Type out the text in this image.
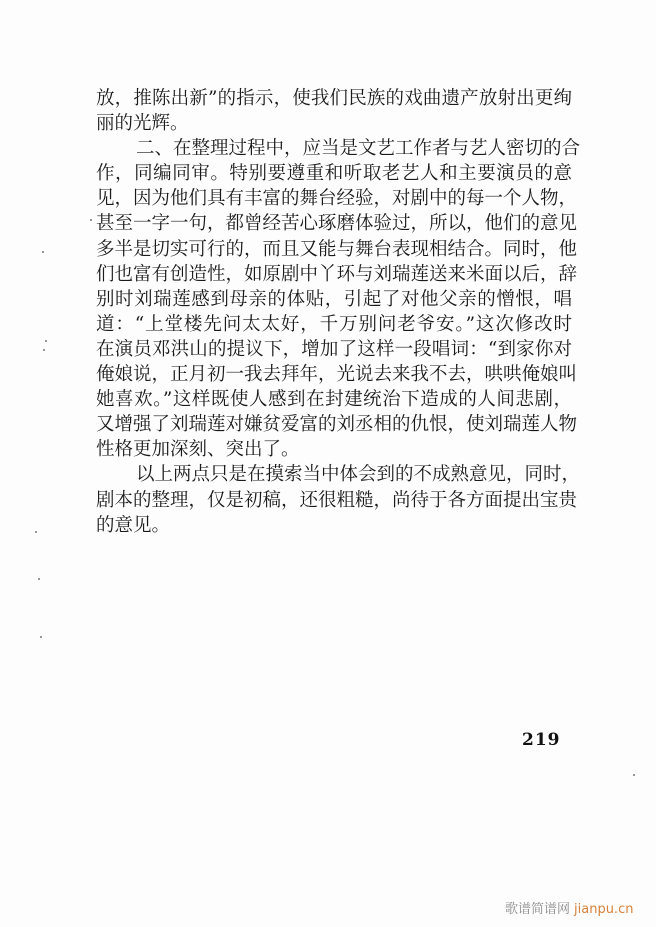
放，推陈出新”的指示，使我们民族的戏曲遗产放射出更绚
丽的光辉。
二、在整理过程中，应当是文艺工作者与艺人密切的合
作，同编同审。特别要遵重和听取老艺人和主要演员的意
见，因为他们具有丰富的舞台经验，对剧中的每一个人物，
甚至一字一句，都曾经苦心琢磨体验过，所以，他们的意见
多半是切实可行的，而且又能与舞台表现相结合。同时，他
们也富有创造性，如原剧中丫环与刘瑞莲送来米面以后，辞
别时刘瑞莲感到母亲的体贴，引起了对他父亲的憎恨，唱
道：“上堂楼先问太太好，千万别问老爷安。”这次修改时
在演员邓洪山的提议下，增加了这样一段唱词：“到家你对
俺娘说，正月初一我去拜年，光说去来我不去，哄哄俺娘叫
她喜欢。”这样既使人感到在封建统治下造成的人间悲剧，
又增强了刘瑞莲对嫌贫爱富的刘丞相的仇恨，使刘瑞莲人物
性格更加深刻、突出了。
以上两点只是在摸索当中体会到的不成熟意见，同时，
剧本的整理，仅是初稿，还很粗糙，尚待于各方面提出宝贵
的意见。
219
歌谱简谱网 jianpu.cn
